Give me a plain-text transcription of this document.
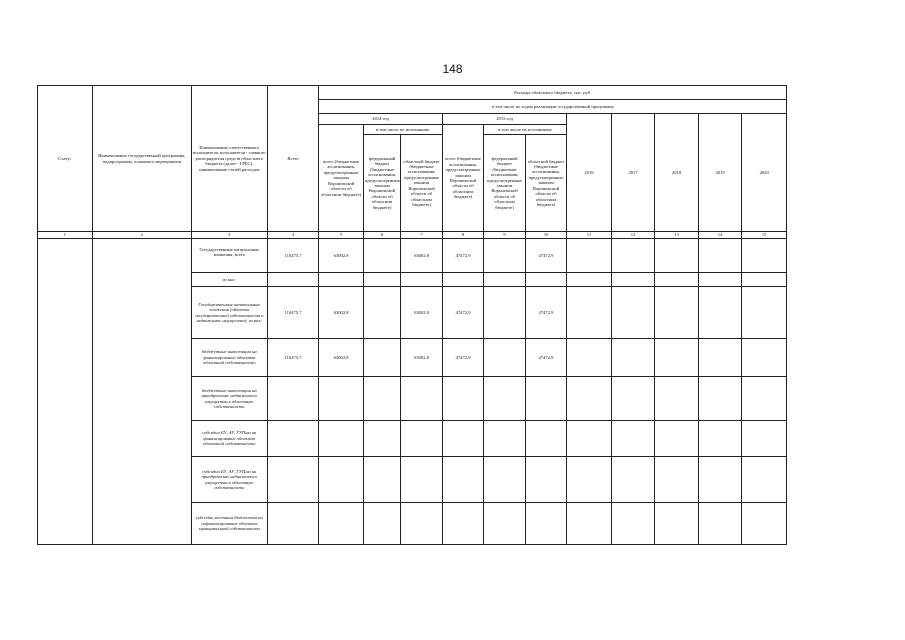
148
Статус	Наименование государственной программы, подпрограммы, основного мероприятия	Наименование ответственного исполнителя, исполнителя - главного распорядителя средств областного бюджета (далее - ГРБС), наименование статей расходов	Всего	Расходы областного бюджета, тыс. руб.										
				в том числе по годам реализации государственной программы										
				2014 год			2015 год			2016	2017	2018	2019	2020
				всего (бюджетные ассигнования, предусмотренные законом Воронежской области об областном бюджете)	в том числе по источникам:		всего (бюджетные ассигнования, предусмотренные законом Воронежской области об областном бюджете)	в том числе по источникам:						
					федеральный бюджет (бюджетные ассигнования, предусмотренные законом Воронежской области об областном бюджете)	областной бюджет (бюджетные ассигнования, предусмотренные законом Воронежской области об областном бюджете)		федеральный бюджет (бюджетные ассигнования, предусмотренные законом Воронежской области об областном бюджете)	областной бюджет (бюджетные ассигнования, предусмотренные законом Воронежской области об областном бюджете)					
1	2	3	4	5	6	7	8	9	10	11	12	13	14	15
		Государственные капитальные вложения, всего	110475,7	63002,8		63002,8	47472,9		47472,9					
		из них:												
		Государственные капитальные вложения (объекты государственной собственности и недвижимое имущество), из них:	110475,7	63002,8		63002,8	47472,9		47472,9					
		бюджетные инвестиции на финансирование объектов областной собственности	110475,7	63002,8		63002,8	47472,9		47472,9					
		бюджетные инвестиции на приобретение недвижимого имущества в областную собственность												
		субсидии БУ, АУ, ГУПам на финансирование объектов областной собственности												
		субсидии БУ, АУ, ГУПам на приобретение недвижимого имущества в областную собственность												
		субсидии местным бюджетам на софинансирование объектов муниципальной собственности												
